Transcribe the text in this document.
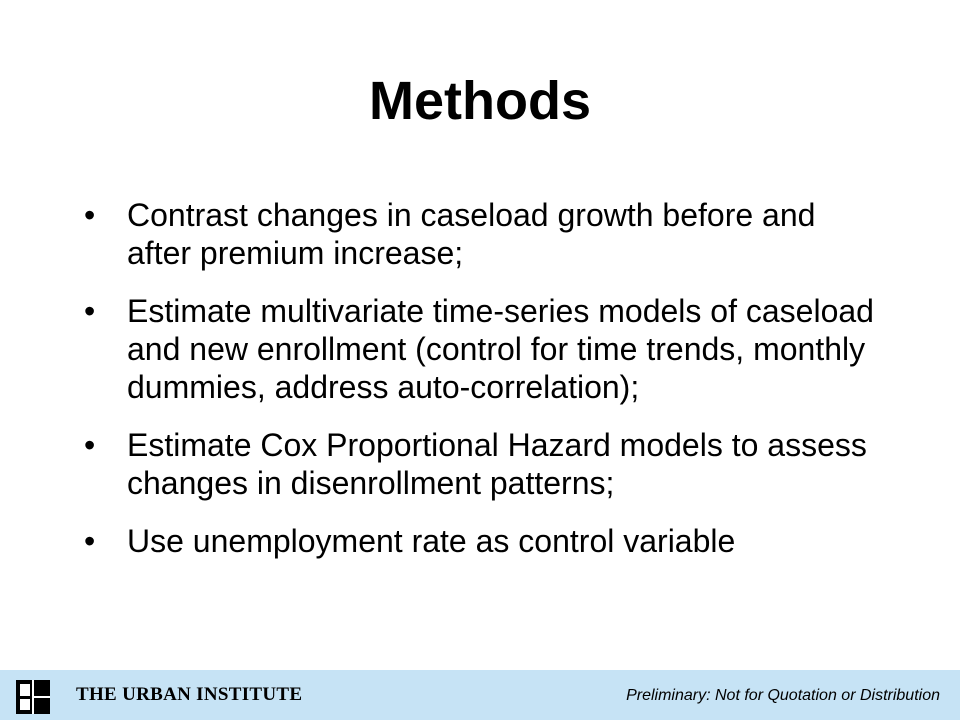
Methods
• Contrast changes in caseload growth before and after premium increase;
• Estimate multivariate time-series models of caseload and new enrollment (control for time trends, monthly dummies, address auto-correlation);
• Estimate Cox Proportional Hazard models to assess changes in disenrollment patterns;
• Use unemployment rate as control variable
THE URBAN INSTITUTE	Preliminary: Not for Quotation or Distribution
